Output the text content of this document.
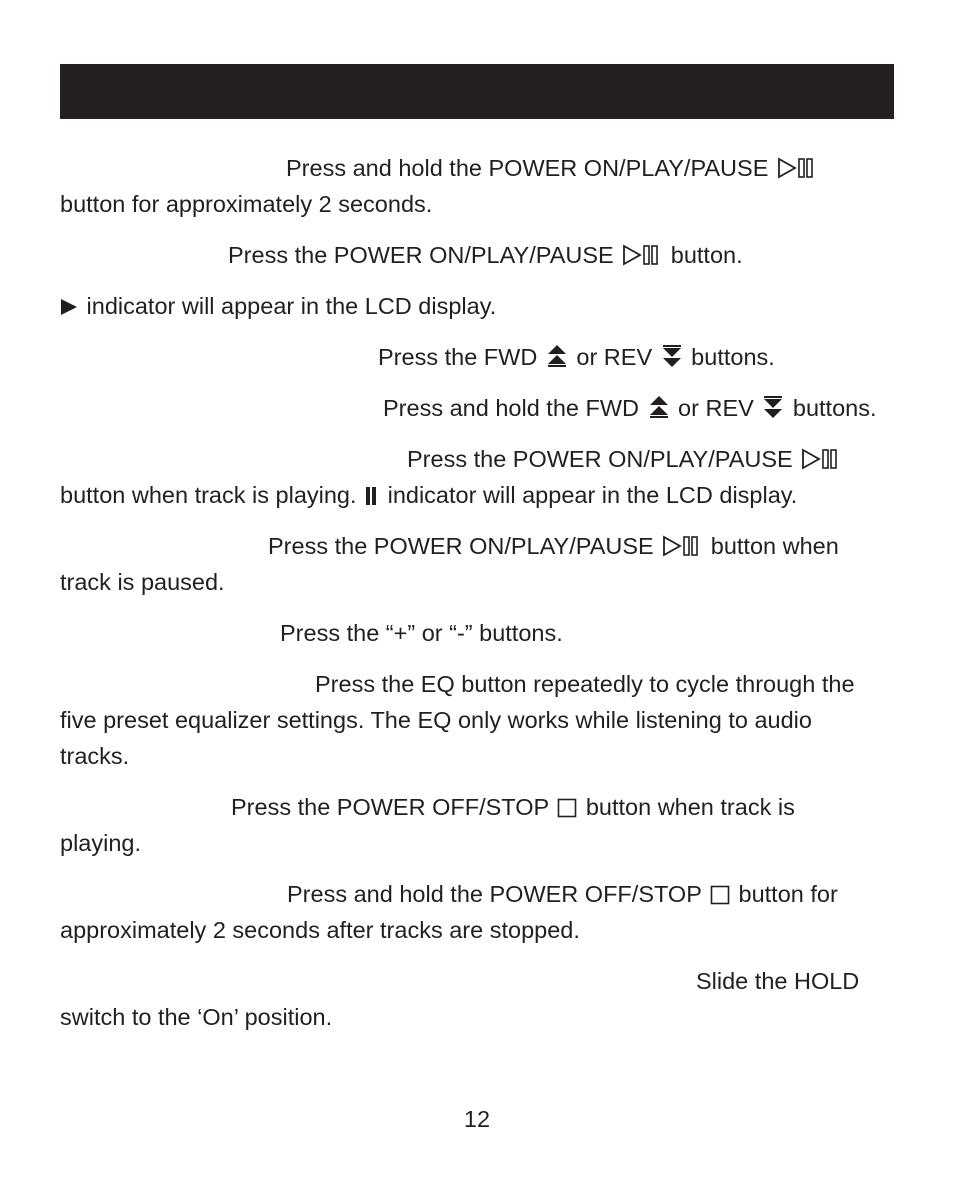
Press and hold the POWER ON/PLAY/PAUSE
button for approximately 2 seconds.

Press the POWER ON/PLAY/PAUSE  button.

indicator will appear in the LCD display.

Press the FWD  or REV  buttons.

Press and hold the FWD  or REV  buttons.

Press the POWER ON/PLAY/PAUSE
button when track is playing.  indicator will appear in the LCD display.

Press the POWER ON/PLAY/PAUSE  button when
track is paused.

Press the “+” or “-” buttons.

Press the EQ button repeatedly to cycle through the
five preset equalizer settings. The EQ only works while listening to audio
tracks.

Press the POWER OFF/STOP  button when track is
playing.

Press and hold the POWER OFF/STOP  button for
approximately 2 seconds after tracks are stopped.

Slide the HOLD
switch to the ‘On’ position.

12
